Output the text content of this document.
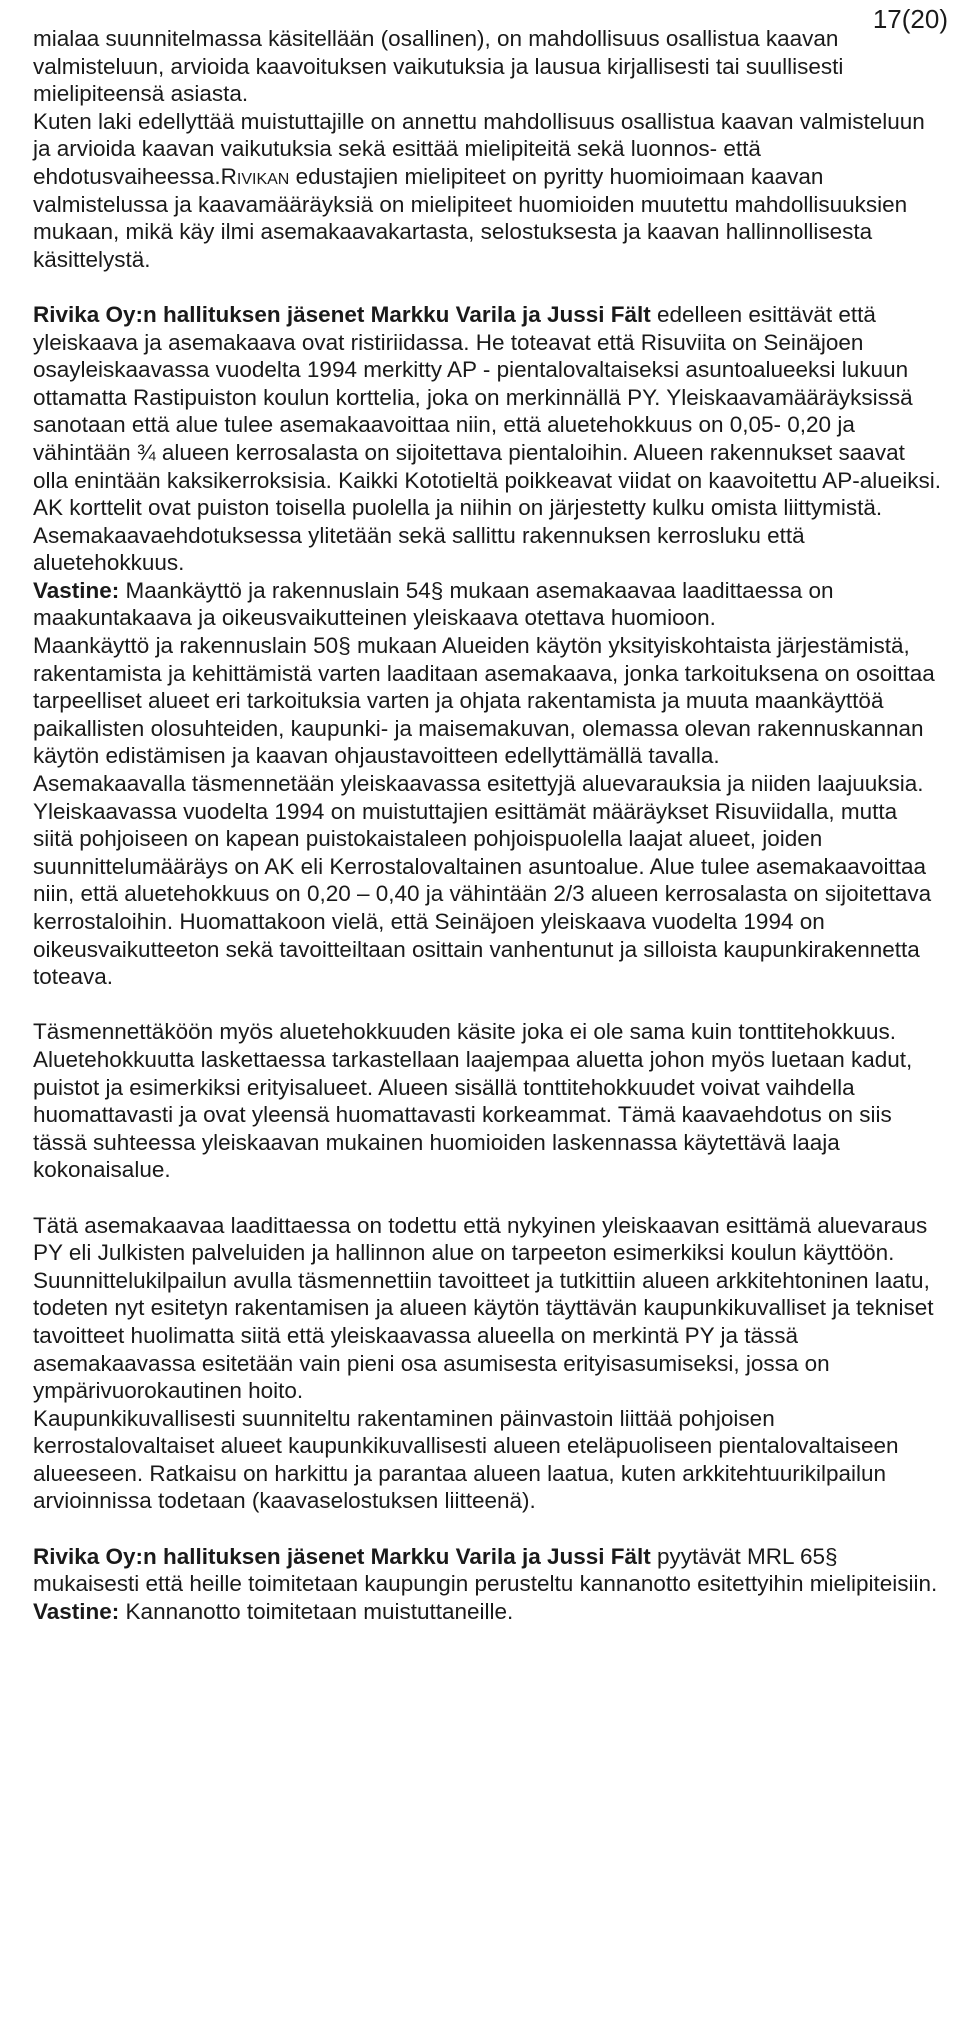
17(20)

mialaa suunnitelmassa käsitellään (osallinen), on mahdollisuus osallistua kaavan valmisteluun, arvioida kaavoituksen vaikutuksia ja lausua kirjallisesti tai suullisesti mielipiteensä asiasta.

Kuten laki edellyttää muistuttajille on annettu mahdollisuus osallistua kaavan valmisteluun ja arvioida kaavan vaikutuksia sekä esittää mielipiteitä sekä luonnos- että ehdotusvaiheessa.Rivikan edustajien mielipiteet on pyritty huomioimaan kaavan valmistelussa ja kaavamääräyksiä on mielipiteet huomioiden muutettu mahdollisuuksien mukaan, mikä käy ilmi asemakaavakartasta, selostuksesta ja kaavan hallinnollisesta käsittelystä.

Rivika Oy:n hallituksen jäsenet Markku Varila ja Jussi Fält edelleen esittävät että yleiskaava ja asemakaava ovat ristiriidassa. He toteavat että Risuviita on Seinäjoen osayleiskaavassa vuodelta 1994 merkitty AP - pientalovaltaiseksi asuntoalueeksi lukuun ottamatta Rastipuiston koulun korttelia, joka on merkinnällä PY. Yleiskaavamääräyksissä sanotaan että alue tulee asemakaavoittaa niin, että aluetehokkuus on 0,05- 0,20 ja vähintään ¾ alueen kerrosalasta on sijoitettava pientaloihin. Alueen rakennukset saavat olla enintään kaksikerroksisia. Kaikki Kototieltä poikkeavat viidat on kaavoitettu AP-alueiksi. AK korttelit ovat puiston toisella puolella ja niihin on järjestetty kulku omista liittymistä. Asemakaavaehdotuksessa ylitetään sekä sallittu rakennuksen kerrosluku että aluetehokkuus.

Vastine: Maankäyttö ja rakennuslain 54§ mukaan asemakaavaa laadittaessa on maakuntakaava ja oikeusvaikutteinen yleiskaava otettava huomioon.

Maankäyttö ja rakennuslain 50§ mukaan Alueiden käytön yksityiskohtaista järjestämistä, rakentamista ja kehittämistä varten laaditaan asemakaava, jonka tarkoituksena on osoittaa tarpeelliset alueet eri tarkoituksia varten ja ohjata rakentamista ja muuta maankäyttöä paikallisten olosuhteiden, kaupunki- ja maisemakuvan, olemassa olevan rakennuskannan käytön edistämisen ja kaavan ohjaustavoitteen edellyttämällä tavalla.

Asemakaavalla täsmennetään yleiskaavassa esitettyjä aluevarauksia ja niiden laajuuksia. Yleiskaavassa vuodelta 1994 on muistuttajien esittämät määräykset Risuviidalla, mutta siitä pohjoiseen on kapean puistokaistaleen pohjoispuolella laajat alueet, joiden suunnittelumääräys on AK eli Kerrostalovaltainen asuntoalue. Alue tulee asemakaavoittaa niin, että aluetehokkuus on 0,20 – 0,40 ja vähintään 2/3 alueen kerrosalasta on sijoitettava kerrostaloihin. Huomattakoon vielä, että Seinäjoen yleiskaava vuodelta 1994 on oikeusvaikutteeton sekä tavoitteiltaan osittain vanhentunut ja silloista kaupunkirakennetta toteava.

Täsmennettäköön myös aluetehokkuuden käsite joka ei ole sama kuin tonttitehokkuus. Aluetehokkuutta laskettaessa tarkastellaan laajempaa aluetta johon myös luetaan kadut, puistot ja esimerkiksi erityisalueet. Alueen sisällä tonttitehokkuudet voivat vaihdella huomattavasti ja ovat yleensä huomattavasti korkeammat. Tämä kaavaehdotus on siis tässä suhteessa yleiskaavan mukainen huomioiden laskennassa käytettävä laaja kokonaisalue.

Tätä asemakaavaa laadittaessa on todettu että nykyinen yleiskaavan esittämä aluevaraus PY eli Julkisten palveluiden ja hallinnon alue on tarpeeton esimerkiksi koulun käyttöön. Suunnittelukilpailun avulla täsmennettiin tavoitteet ja tutkittiin alueen arkkitehtoninen laatu, todeten nyt esitetyn rakentamisen ja alueen käytön täyttävän kaupunkikuvalliset ja tekniset tavoitteet huolimatta siitä että yleiskaavassa alueella on merkintä PY ja tässä asemakaavassa esitetään vain pieni osa asumisesta erityisasumiseksi, jossa on ympärivuorokautinen hoito.

Kaupunkikuvallisesti suunniteltu rakentaminen päinvastoin liittää pohjoisen kerrostalovaltaiset alueet kaupunkikuvallisesti alueen eteläpuoliseen pientalovaltaiseen alueeseen. Ratkaisu on harkittu ja parantaa alueen laatua, kuten arkkitehtuurikilpailun arvioinnissa todetaan (kaavaselostuksen liitteenä).

Rivika Oy:n hallituksen jäsenet Markku Varila ja Jussi Fält pyytävät MRL 65§ mukaisesti että heille toimitetaan kaupungin perusteltu kannanotto esitettyihin mielipiteisiin.

Vastine: Kannanotto toimitetaan muistuttaneille.
